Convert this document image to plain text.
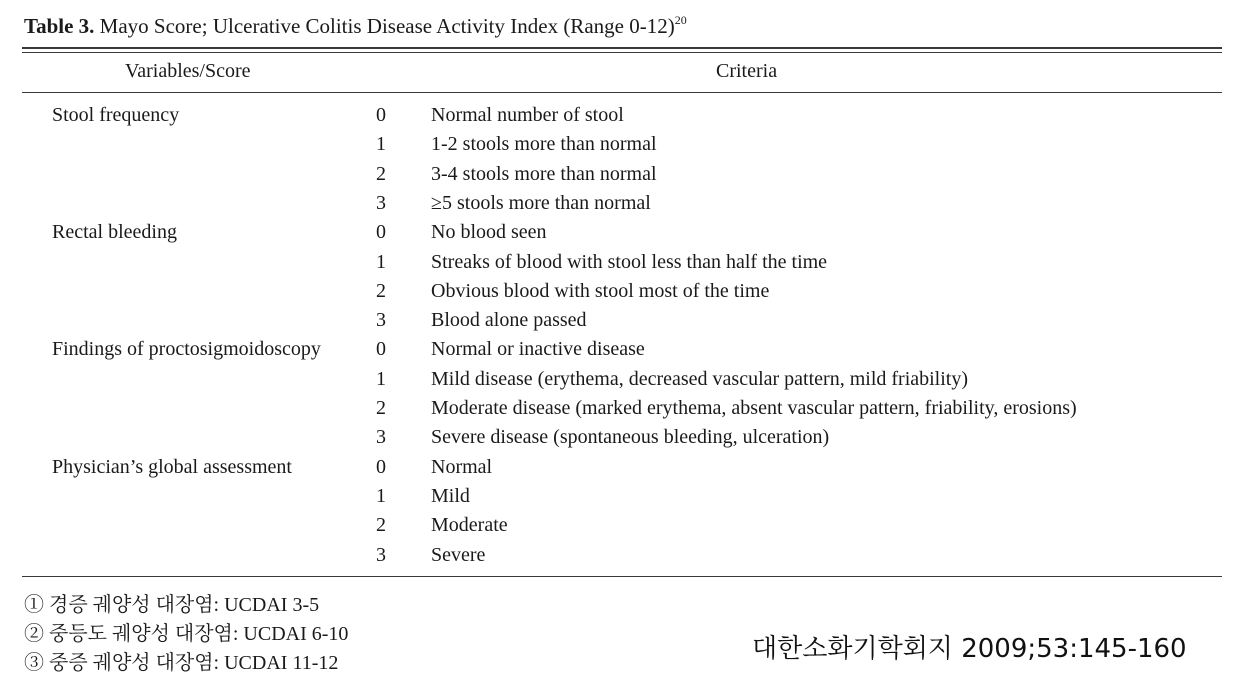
Table 3. Mayo Score; Ulcerative Colitis Disease Activity Index (Range 0-12)$^{20}$
Variables/Score	Criteria
Stool frequency	0 Normal number of stool
1 1-2 stools more than normal
2 3-4 stools more than normal
3 ≥5 stools more than normal
Rectal bleeding	0 No blood seen
1 Streaks of blood with stool less than half the time
2 Obvious blood with stool most of the time
3 Blood alone passed
Findings of proctosigmoidoscopy	0 Normal or inactive disease
1 Mild disease (erythema, decreased vascular pattern, mild friability)
2 Moderate disease (marked erythema, absent vascular pattern, friability, erosions)
3 Severe disease (spontaneous bleeding, ulceration)
Physician’s global assessment	0 Normal
1 Mild
2 Moderate
3 Severe
① 경증 궤양성 대장염: UCDAI 3-5
② 중등도 궤양성 대장염: UCDAI 6-10
③ 중증 궤양성 대장염: UCDAI 11-12	대한소화기학회지 2009;53:145-160
